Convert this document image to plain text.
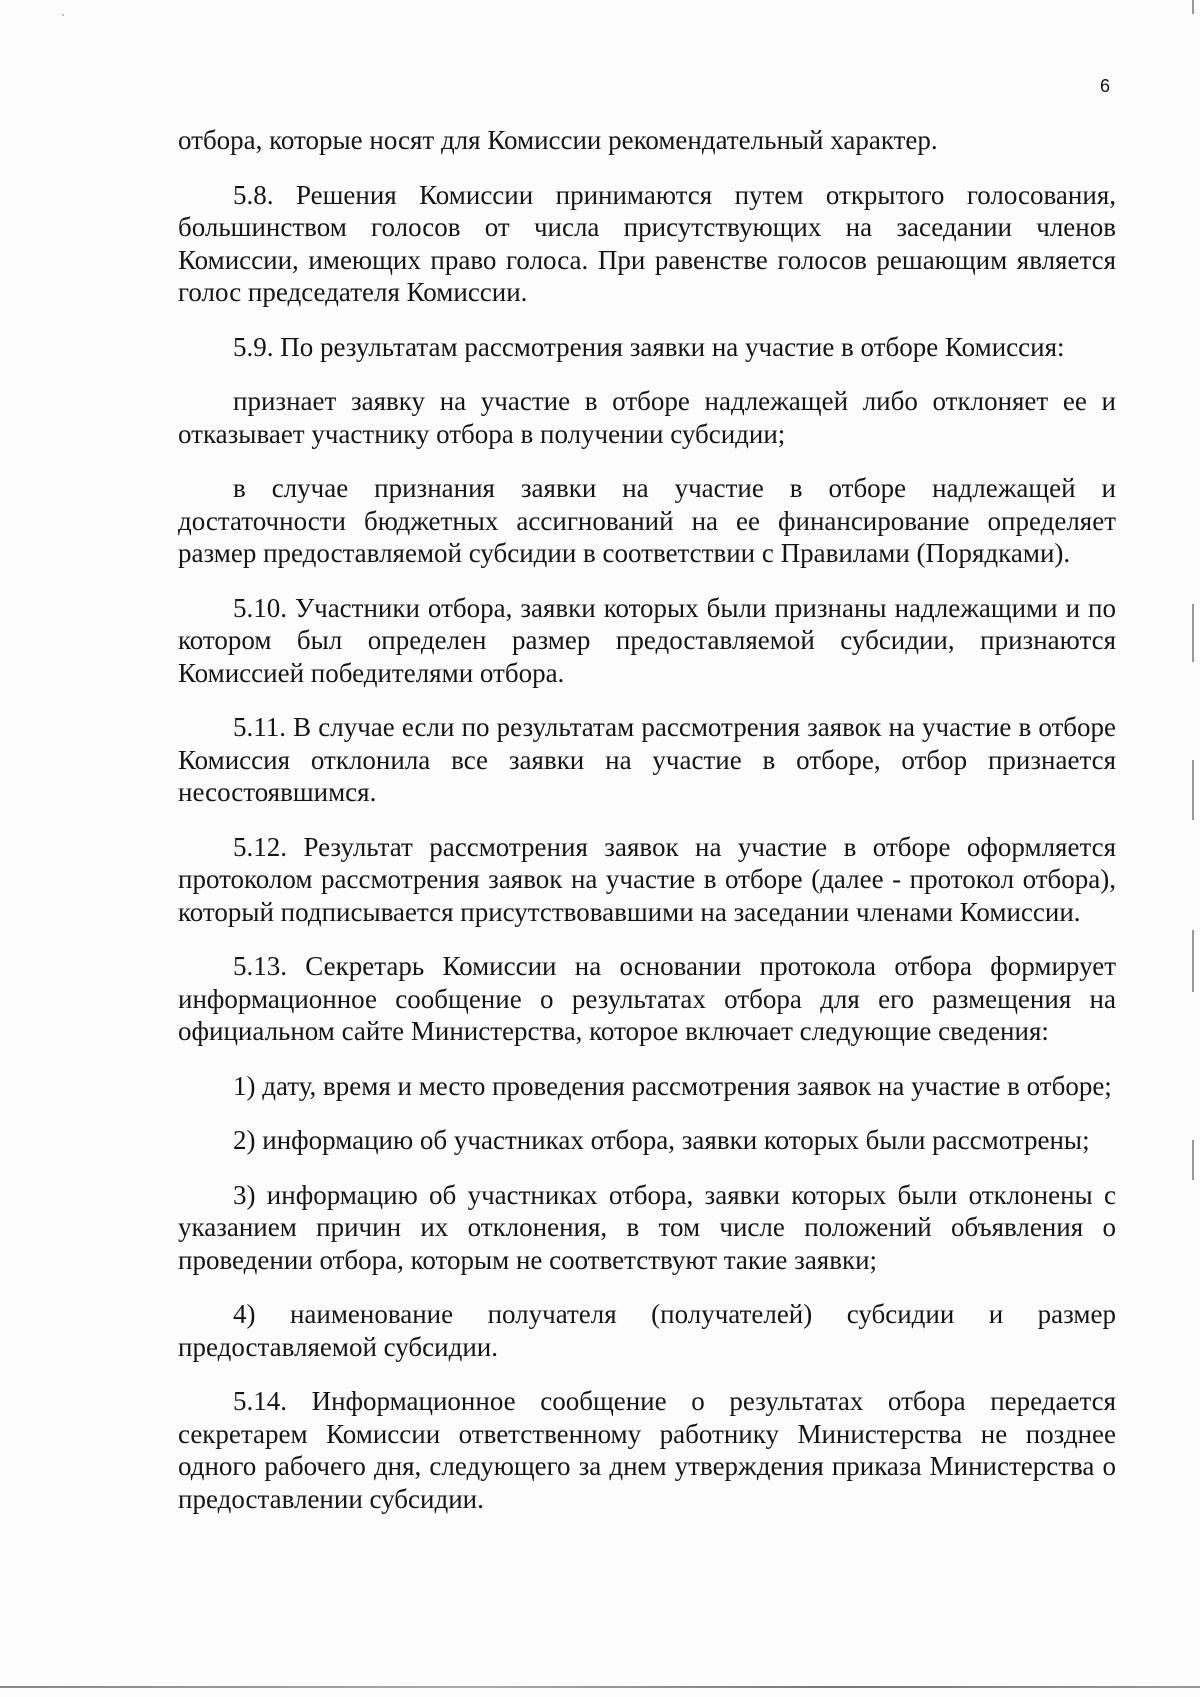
6

отбора, которые носят для Комиссии рекомендательный характер.

5.8. Решения Комиссии принимаются путем открытого голосования, большинством голосов от числа присутствующих на заседании членов Комиссии, имеющих право голоса. При равенстве голосов решающим является голос председателя Комиссии.

5.9. По результатам рассмотрения заявки на участие в отборе Комиссия:

признает заявку на участие в отборе надлежащей либо отклоняет ее и отказывает участнику отбора в получении субсидии;

в случае признания заявки на участие в отборе надлежащей и достаточности бюджетных ассигнований на ее финансирование определяет размер предоставляемой субсидии в соответствии с Правилами (Порядками).

5.10. Участники отбора, заявки которых были признаны надлежащими и по котором был определен размер предоставляемой субсидии, признаются Комиссией победителями отбора.

5.11. В случае если по результатам рассмотрения заявок на участие в отборе Комиссия отклонила все заявки на участие в отборе, отбор признается несостоявшимся.

5.12. Результат рассмотрения заявок на участие в отборе оформляется протоколом рассмотрения заявок на участие в отборе (далее - протокол отбора), который подписывается присутствовавшими на заседании членами Комиссии.

5.13. Секретарь Комиссии на основании протокола отбора формирует информационное сообщение о результатах отбора для его размещения на официальном сайте Министерства, которое включает следующие сведения:

1) дату, время и место проведения рассмотрения заявок на участие в отборе;

2) информацию об участниках отбора, заявки которых были рассмотрены;

3) информацию об участниках отбора, заявки которых были отклонены с указанием причин их отклонения, в том числе положений объявления о проведении отбора, которым не соответствуют такие заявки;

4) наименование получателя (получателей) субсидии и размер предоставляемой субсидии.

5.14. Информационное сообщение о результатах отбора передается секретарем Комиссии ответственному работнику Министерства не позднее одного рабочего дня, следующего за днем утверждения приказа Министерства о предоставлении субсидии.
